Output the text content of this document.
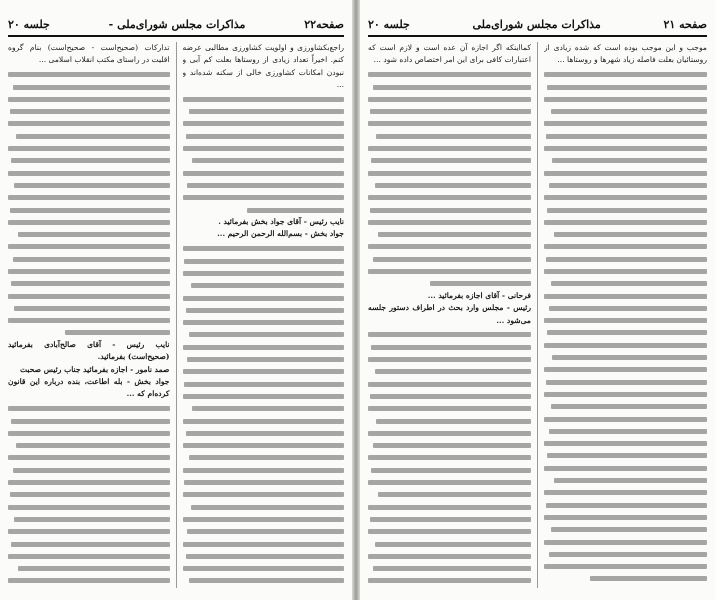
صفحه۲۲
مذاکرات مجلس شورای‌ملی -
جلسه ۲۰

راجع‌بکشاورزی و اولویت کشاورزی مطالبی عرضه کنم. اخیراً تعداد زیادی از روستاها بعلت کم آبی و نبودن امکانات کشاورزی خالی از سکنه شده‌اند و ...

نایب رئیس - آقای جواد بخش بفرمائید .

جواد بخش - بسم‌الله الرحمن الرحیم ...

تداركات (صحیح‌است - صحیح‌است) بنام گروه اقلیت در راستای مكتب انقلاب اسلامی ...

نایب رئیس - آقای صالح‌آبادی بفرمائید (صحیح‌است) بفرمائید.

صمد نامور - اجازه بفرمائید جناب رئیس صحبت

جواد بخش - بله اطاعت، بنده درباره این قانون کرده‌ام که ...

صفحه ۲۱
مذاکرات مجلس شورای‌ملی
جلسه ۲۰

موجب و این موجب بوده است که شده زیادی از روستائیان بعلت فاصله زیاد شهرها و روستاها ...

کمااینکه اگر اجازه آن عده است و لازم است که اعتبارات کافی برای این امر اختصاص داده شود ...

فرحانی - آقای اجازه بفرمائید ...

رئیس - مجلس وارد بحث در اطراف دستور جلسه می‌شود ...
